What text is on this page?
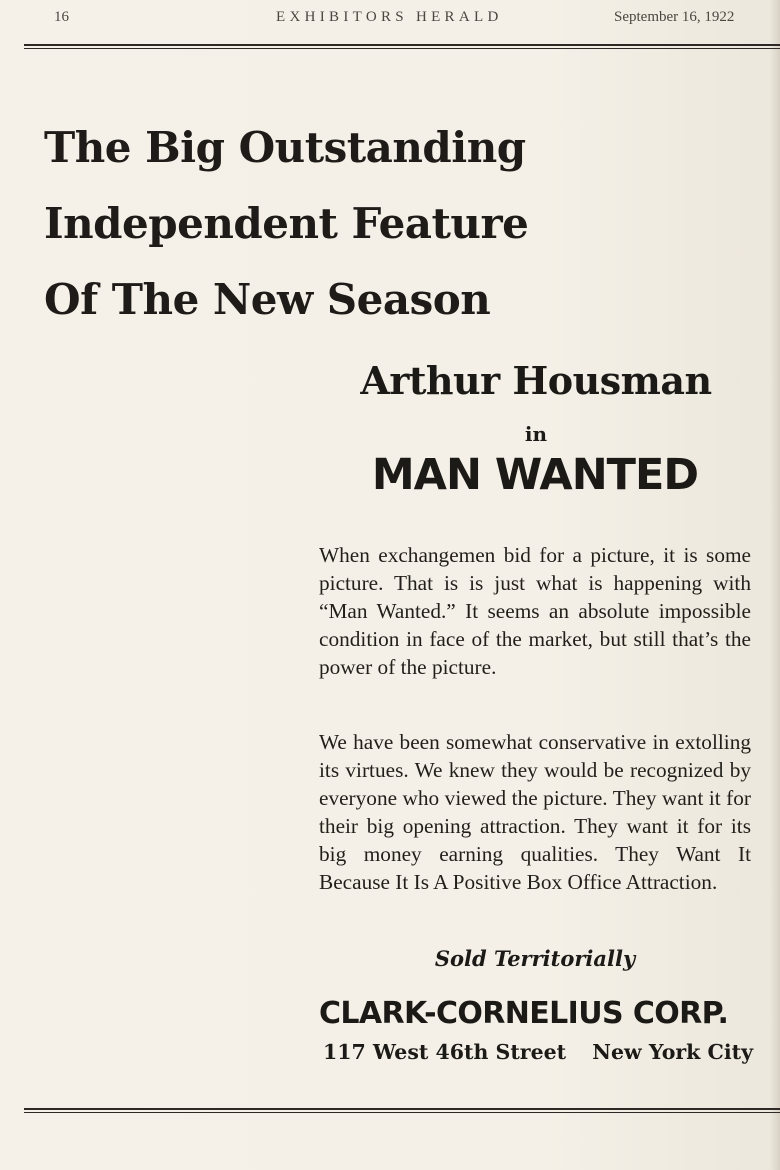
16	EXHIBITORS HERALD	September 16, 1922
The Big Outstanding
Independent Feature
Of The New Season
Arthur Housman
in
MAN WANTED

When exchangemen bid for a picture, it is some picture. That is is just what is happening with “Man Wanted.” It seems an absolute impossible condition in face of the market, but still that’s the power of the picture.

We have been somewhat conservative in extolling its virtues. We knew they would be recognized by everyone who viewed the picture. They want it for their big opening attraction. They want it for its big money earning qualities. They Want It Because It Is A Positive Box Office Attraction.

Sold Territorially
CLARK-CORNELIUS CORP.
117 West 46th Street New York City
